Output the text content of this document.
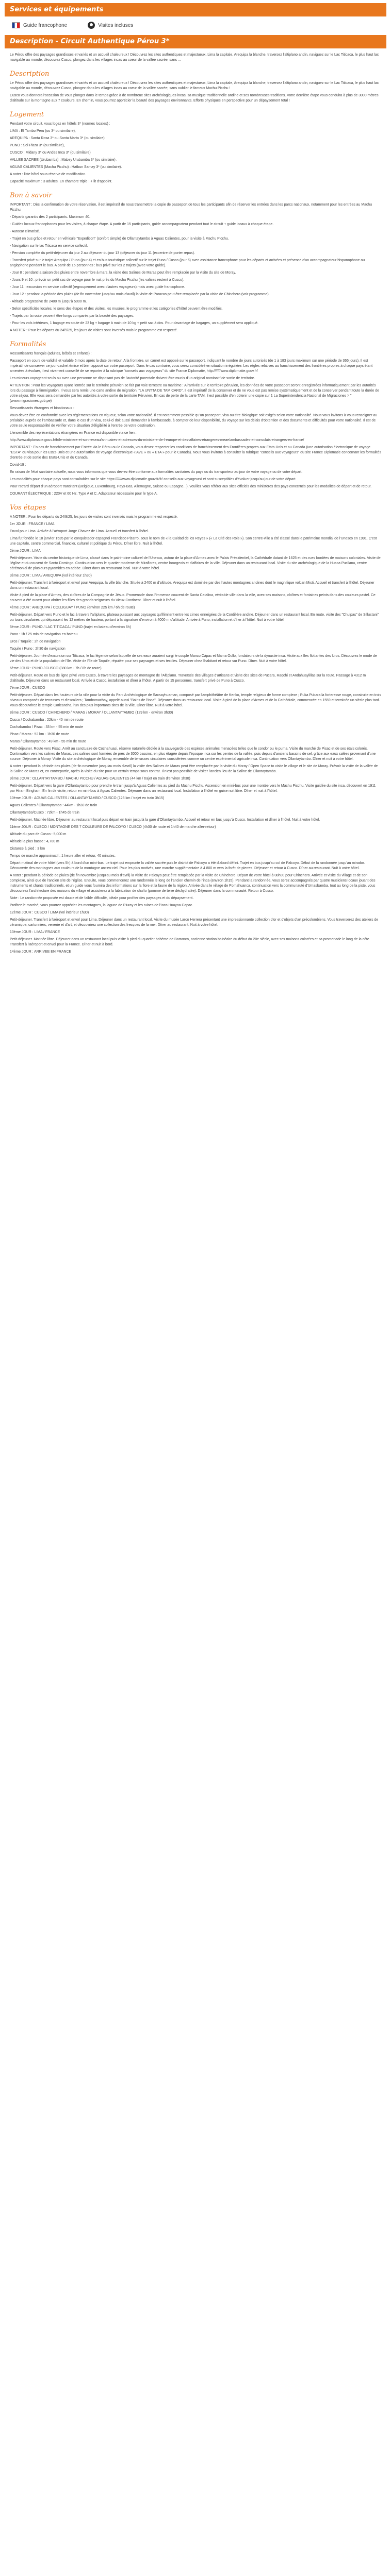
Services et équipements
Guide francophone	Visites incluses
Description - Circuit Authentique Pérou 3*

Le Pérou offre des paysages grandioses et variés et un accueil chaleureux ! Découvrez les sites authentiques et majestueux, Lima la capitale, Arequipa la blanche, traversez l'altiplano andin, naviguez sur le Lac Titicaca, le plus haut lac navigable au monde, découvrez Cusco, plongez dans les villages incas au coeur de la vallée sacrée, sans ...

Description

Le Pérou offre des paysages grandioses et variés et un accueil chaleureux ! Découvrez les sites authentiques et majestueux, Lima la capitale, Arequipa la blanche, traversez l'altiplano andin, naviguez sur le Lac Titicaca, le plus haut lac navigable au monde, découvrez Cusco, plongez dans les villages incas au coeur de la vallée sacrée, sans oublier le fameux Machu Picchu !

Cusco vous donnera l'occasion de vous plonger dans le temps grâce à de nombreux sites archéologiques incas, sa musique traditionnelle andine et ses nombreuses traditions. Votre dernière étape vous conduira à plus de 3000 mètres d'altitude sur la montagne aux 7 couleurs. En chemin, vous pourrez apprécier la beauté des paysages environnants. Efforts physiques en perspective pour un dépaysement total !

Logement

Pendant votre circuit, vous logez en hôtels 3* (normes locales) :

LIMA : El Tambo Peru (ou 3* ou similaire),

AREQUIPA : Santa Rosa 3* ou Santa Marta 3* (ou similaire)

PUNO : Sol Plaza 3* (ou similaire),

CUSCO : Midany 3* ou Andes Inca 3* (ou similaire)

VALLEE SACREE (Urubamba) : Mabey Urubamba 3* (ou similaire) ,

AGUAS CALIENTES (Machu Picchu) : Hatbun Samay 3* (ou similaire).

A noter : liste hôtel sous réserve de modification.

Capacité maximum : 3 adultes. En chambre triple : + lit d'appoint.

Bon à savoir

IMPORTANT : Dès la confirmation de votre réservation, il est impératif de nous transmettre la copie de passeport de tous les participants afin de réserver les entrées dans les parcs nationaux, notamment pour les entrées au Machu Picchu.

- Départs garantis dès 2 participants. Maximum 40.

- Guides locaux francophones pour les visites, à chaque étape. A partir de 15 participants, guide accompagnateur pendant tout le circuit + guide locaux à chaque étape.

- Autocar climatisé.

- Trajet en bus grâce et retour en véhicule "Expedition" (confort simple) de Ollantaytambo à Aguas Calientes, pour la visite à Machu Picchu.

- Navigation sur le lac Titicaca en service collectif.

- Pension complète du petit-déjeuner du jour 2 au déjeuner du jour 13 (déjeuner du jour 11 (excentre de porter repas).

- Transfert privé sur le trajet Arequipa / Puno (jour 4) et en bus touristique collectif sur le trajet Puno / Cusco (jour 6) avec assistance francophone pour les départs et arrivées et présence d'un accompagnateur hispanophone ou anglophone pendant le bus. A partir de 15 personnes : bus privé sur les 2 trajets (avec votre guide).

- Jour 8 : pendant la saison des pluies entre novembre à mars, la visite des Salines de Maras peut être remplacée par la visite du site de Moray.

- Jours 9 et 10 : prévoir un petit sac de voyage pour le nuit près du Machu Picchu (les valises restent à Cusco).

- Jour 11 : excursion en service collectif (regroupement avec d'autres voyageurs) mais avec guide francophone.

- Jour 12 : pendant la période des pluies (de fin novembre jusqu'au mois d'avril) la visite de Paracas peut être remplacée par la visite de Chinchero (voir programme).

- Altitude progressive de 2400 m jusqu'à 5000 m.

- Selon spécificités locales, le sens des étapes et des visites, les musées, le programme et les catégories d'hôtel peuvent être modifiés.

- Trajets par la route peuvent être longs comparés par la beauté des paysages.

- Pour les vols intérieurs, 1 bagage en soute de 23 kg + bagage à main de 10 kg + petit sac à dos. Pour davantage de bagages, un supplément sera appliqué.

A NOTER : Pour les départs du 24/9/25, les jours de visites sont inversés mais le programme est respecté.

Formalités

Ressortissants français (adultes, bébés et enfants) :

Passeport en cours de validité et valable 6 mois après la date de retour. A la frontière, un carnet est apposé sur le passeport, indiquant le nombre de jours autorisés (de 1 à 183 jours maximum sur une période de 365 jours). Il est impératif de conserver ce jour-cachet émise et bien apposé sur votre passeport. Dans le cas contraire, vous serez considéré en situation irrégulière. Les règles relatives au franchissement des frontières propres à chaque pays étant amenées à évoluer, il est vivement conseillé de se reporter à la rubrique "conseils aux voyageurs" du site France Diplomatie, http:///////www.diplomatie.gouv.fr/

Les mineurs voyageant seuls ou avec une personne ne disposant pas de l'autorité parentale doivent être munis d'un original nominatif de sortie de territoire.

ATTENTION : Pour les voyageurs ayant l'entrée sur le territoire péruvien se fait par voie terrestre ou maritime : A l'arrivée sur le territoire péruvien, les données de votre passeport seront enregistrées informatiquement par les autorités lors du passage à l'immigration. Il vous sera remis une carte andine de migration, "LA UNTTA DE TAM CARD". Il est impératif de la conserver et de ne vous est pas remise systématiquement et de la conserver pendant toute la durée de votre séjour. Elle vous sera demandée par les autorités à votre sortie du territoire Péruvien. En cas de perte de la carte TAM, il est possible d'en obtenir une copie sur 1 La Superintendencia Nacional de Migraciones > "(www.migraciones.gob.pe)

Ressortissants étrangers et binationaux :

Vous devez être en conformité avec les réglementations en vigueur, selon votre nationalité. Il est notamment possible qu'un passeport, visa ou titre biologique soit exigés selon votre nationalité. Nous vous invitons à vous renseigner au préalable auprès de l'ambassade et, dans le cas d'un visa, celui-ci doit aussi demander à l'ambassade, à compter de leur disponibilité, du voyage sur les délais d'obtention et des documents et difficultés pour votre nationalité. Il est de votre seule responsabilité de vérifier votre situation d'éligibilité à l'entrée de votre destination.

L'ensemble des représentations étrangères en France est disponible via ce lien :

http://www.diplomatie.gouv.fr/fr/le-ministere-et-son-reseau/annuaires-et-adresses-du-ministere-de-l-europe-et-des-affaires-etrangeres-meae/ambassades-et-consulats-etrangers-en-france/

IMPORTANT : En cas de franchissement par Entrée via le Pérou ou le Canada, vous devez respecter les conditions de franchissement des Frontières propres aux Etats-Unis et au Canada (une autorisation électronique de voyage "ESTA" ou visa pour les Etats-Unis et une autorisation de voyage électronique « AVE » ou « ETA » pour le Canada). Nous vous invitons à consulter la rubrique "conseils aux voyageurs" du site France Diplomatie concernant les formalités d'entrée et de sortie des Etats-Unis et du Canada.

Covid-19 :

En raison de l'état sanitaire actuelle, nous vous informons que vous devrez être conforme aux formalités sanitaires du pays ou du transporteur au jour de votre voyage ou de votre départ.

Les modalités pour chaque pays sont consultables sur le site https:///////www.diplomatie.gouv.fr/fr/ conseils-aux-voyageurs/ et sont susceptibles d'évoluer jusqu'au jour de votre départ.

Pour rsc'ard départ d'un aéroport transitant (Belgique, Luxembourg, Pays-Bas, Allemagne, Suisse ou Espagne...), veuillez vous référer aux sites officiels des ministères des pays concernés pour les modalités de départ et de retour.

COURANT ÉLECTRIQUE : 220V et 60 Hz. Type A et C. Adaptateur nécessaire pour le type A.

Vos étapes

A NOTER : Pour les départs du 24/9/25, les jours de visites sont inversés mais le programme est respecté.

1er JOUR : FRANCE / LIMA

Envol pour Lima. Arrivée à l'aéroport Jorge Chavez de Lima. Accueil et transfert à l'hôtel.

Lima fut fondée le 18 janvier 1535 par le conquistador espagnol Francisco Pizarro, sous le nom de « la Cuidad de los Reyes » (« La Cité des Rois »). Son centre-ville a été classé dans le patrimoine mondial de l'Unesco en 1991. C'est une capitale, centre commercial, financier, culturel et politique du Pérou. Dîner libre. Nuit à l'hôtel.

2ème JOUR : LIMA

Petit-déjeuner. Visite du centre historique de Lima, classé dans le patrimoine culturel de l'Unesco, autour de la place d'Armes avec le Palais Présidentiel, la Cathédrale datant de 1625 et des rues bordées de maisons coloniales. Visite de l'église et du couvent de Santo Domingo. Continuation vers le quartier moderne de Miraflores, centre bourgeois et d'affaires de la ville. Déjeuner dans un restaurant local. Visite du site archéologique de la Huaca Pucllana, centre cérémonial de plusieurs pyramides en adobe. Dîner dans un restaurant local. Nuit à votre hôtel.

3ème JOUR : LIMA / AREQUIPA (vol intérieur 1h30)

Petit-déjeuner. Transfert à l'aéroport et envol pour Arequipa, la ville blanche. Située à 2400 m d'altitude, Arequipa est dominée par des hautes montagnes andines dont le magnifique volcan Misti. Accueil et transfert à l'hôtel. Déjeuner dans un restaurant local.

Visite à pied de la place d'Armes, des cloîtres de la Compagnie de Jésus. Promenade dans l'immense couvent de Santa Catalina, véritable ville dans la ville, avec ses maisons, cloîtres et fontaines peints dans des couleurs pastel. Ce couvent a été ouvert pour abriter les filles des grands seigneurs du Vieux Continent. Dîner et nuit à l'hôtel.

4ème JOUR : AREQUIPA / COLLIGUAY / PUNO (environ 225 km / 6h de route)

Petit-déjeuner. Départ vers Puno et le lac à travers l'altiplano, plateau puissant aux paysages qu'illimitent entre les cimes enneigées de la Cordillère andine. Déjeuner dans un restaurant local. En route, visite des "Chulpas" de Sillustani" ou tours circulaires qui dépassent les 12 mètres de hauteur, portant à la signature d'environ à 4000 m d'altitude. Arrivée à Puno, installation et dîner à l'hôtel. Nuit à votre hôtel.

5ème JOUR : PUNO / LAC TITICACA / PUNO (trajet en bateau d'environ 6h)

Puno : 1h / 25 min de navigation en bateau

Uros / Taquile : 2h de navigation

Taquile / Puno : 2h30 de navigation

Petit-déjeuner. Journée d'excursion sur Titicaca, le lac légende selon laquelle de ses eaux auraient surgi le couple Manco Cápac et Mama Ocllo, fondateurs de la dynastie inca. Visite aux Iles flottantes des Uros. Découvrez le mode de vie des Uros et de la population de l'île. Visite de l'île de Taquile, réputée pour ses paysages et ses textiles. Déjeuner chez l'habitant et retour sur Puno. Dîner. Nuit à votre hôtel.

6ème JOUR : PUNO / CUSCO (380 km - 7h / 8h de route)

Petit-déjeuner. Route en bus de ligne privé vers Cusco, à travers les paysages de montagne de l'Altiplano. Traversée des villages d'artisans et visite des sites de Pucara, Raqchi et Andahuaylillas sur la route. Passage à 4312 m d'altitude. Déjeuner dans un restaurant local. Arrivée à Cusco, installation et dîner à l'hôtel. A partir de 15 personnes, transfert privé de Puno à Cusco.

7ème JOUR : CUSCO

Petit-déjeuner. Départ dans les hauteurs de la ville pour la visite du Parc Archéologique de Sacsayhuaman, composé par l'amphithéâtre de Kenko, temple religieux de forme complexe ; Puka Pukara la forteresse rouge, construite en trois niveaux composés de terrasses et d'escaliers ; Tambomachay, appelé aussi "Bains de l'Inca". Déjeuner dans un restaurant local. Visite à pied de la place d'Armes et de la Cathédrale, commencée en 1559 et terminée un siècle plus tard. Vous découvrirez le temple Coricancha, l'un des plus importants sites de la ville. Dîner libre. Nuit à votre hôtel.

8ème JOUR : CUSCO / CHINCHERO / MARAS / MORAY / OLLANTAYTAMBO (129 km - environ 3h30)

Cusco / Cochabamba : 22km - 40 min de route

Cochabamba / Pisac : 33 km - 55 min de route

Pisac / Maras : 52 km - 1h30 de route

Maras / Ollantaytambo : 49 km - 55 min de route

Petit-déjeuner. Route vers Pisac. Arrêt au sanctuaire de Cochahuasi, réserve naturelle dédiée à la sauvegarde des espèces animales menacées telles que le condor ou le puma. Visite du marché de Pisac et de ses étals colorés. Continuation vers les salines de Maras, ces salines sont formées de près de 3000 bassins, en plus étagée depuis l'époque inca sur les pentes de la vallée, puis depuis d'anciens bassins de sel, grâce aux eaux salées provenant d'une source. Déjeuner à Moray. Visite du site archéologique de Moray, ensemble de terrasses circulaires considérées comme un centre expérimental agricole inca. Continuation vers Ollantaytambo. Dîner et nuit à votre hôtel.

A noter : pendant la période des pluies (de fin novembre jusqu'au mois d'avril) la visite des Salines de Maras peut être remplacée par la visite du Moray / Open Space to visite le village et le site de Moray. Prévoir la visite de la vallée de la Saline de Maras et, en contrepartie, après la visite du site pour un certain temps sous contrat. Il n'est pas possible de visiter l'ancien lieu de la Saline de Ollantaytambo.

9ème JOUR : OLLANTAYTAMBO / MACHU PICCHU / AGUAS CALIENTES (44 km / trajet en train d'environ 1h30)

Petit-déjeuner. Départ vers la gare d'Ollantaytambo pour prendre le train jusqu'à Aguas Calientes au pied du Machu Picchu. Ascension en mini-bus pour une montée vers le Machu Picchu. Visite guidée du site inca, découvert en 1911 par Hiram Bingham. En fin de visite, retour en mini-bus à Aguas Calientes. Déjeuner dans un restaurant local. Installation à l'hôtel en guise nuit libre. Dîner et nuit à l'hôtel.

10ème JOUR : AGUAS CALIENTES / OLLANTAYTAMBO / CUSCO (123 km / trajet en train 3h15)

Aguas Calientes / Ollantaytambo : 44km - 1h30 de train

Ollantaytambo/Cusco : 72km - 1h45 de train

Petit-déjeuner. Matinée libre. Déjeuner au restaurant local puis départ en train jusqu'à la gare d'Ollantaytambo. Accueil et retour en bus jusqu'à Cusco. Installation et dîner à l'hôtel. Nuit à votre hôtel.

11ème JOUR : CUSCO / MONTAGNE DES 7 COULEURS DE PALCOYO / CUSCO (4h30 de route et 1h40 de marche aller-retour)

Altitude du parc de Cusco : 5,000 m

Altitude la plus basse : 4,700 m

Distance à pied : 3 km

Temps de marche approximatif : 1 heure aller et retour, 40 minutes.

Départ matinal de votre hôtel (vers 5h) à bord d'un mini-bus. Le trajet qui emprunte la vallée sacrée puis le district de Palcoyo a été d'abord défini. Trajet en bus jusqu'au col de Palcoyo. Début de la randonnée jusqu'au mirador. Découverte des montagnes aux couleurs de la montagne arc-en-ciel. Pour les plus motivés, une marche supplémentaire à 4 800 m vers la forêt de pierres. Déjeuner et retour à Cusco. Dîner au restaurant. Nuit à votre hôtel.

A noter : pendant la période de pluies (de fin novembre jusqu'au mois d'avril) la visite de Palcoyo peut être remplacée par la visite de Chinchero. Départ de votre hôtel à 08h00 pour Chinchero. Arrivée et visite du village et de son complexe, ainsi que de l'ancien site de l'église. Ensuite, vous commencerez une randonnée le long de l'ancien chemin de l'inca (environ 1h15). Pendant la randonnée, vous serez accompagnés par quatre musiciens locaux jouant des instruments et chants traditionnels, et un guide vous fournira des informations sur la flore et la faune de la région. Arrivée dans le village de Pomahuanca, continuation vers la communauté d'Umasbamba, tout au long de la piste, vous découvrirez l'architecture des maisons du village et assisterez à la fabrication de chuño (pomme de terre déshydratée). Déjeuner dans la communauté. Retour à Cusco.

Note : Le randonnée proposée est douce et de faible difficulté, idéale pour profiter des paysages et du dépaysement.

Profitez le marché, vous pourrez apprécier les montagnes, la lagune de Piuray et les ruines de l'Inca Huayna Capac.

12ème JOUR : CUSCO / LIMA (vol intérieur 1h30)

Petit-déjeuner. Transfert à l'aéroport et envol pour Lima. Déjeuner dans un restaurant local. Visite du musée Larco Herrera présentant une impressionnante collection d'or et d'objets d'art précolombiens. Vous traverserez des ateliers de céramique, cartonniers, verrerie et d'art, et découvrirez une collection des fresques de la mer. Dîner au restaurant. Nuit à votre hôtel.

13ème JOUR : LIMA / FRANCE

Petit-déjeuner. Matinée libre. Déjeuner dans un restaurant local puis visite à pied du quartier bohème de Barranco, ancienne station balnéaire du début du 20e siècle, avec ses maisons colorées et sa promenade le long de la côte. Transfert à l'aéroport et envol pour la France. Dîner et nuit à bord.

14ème JOUR : ARRIVEE EN FRANCE
